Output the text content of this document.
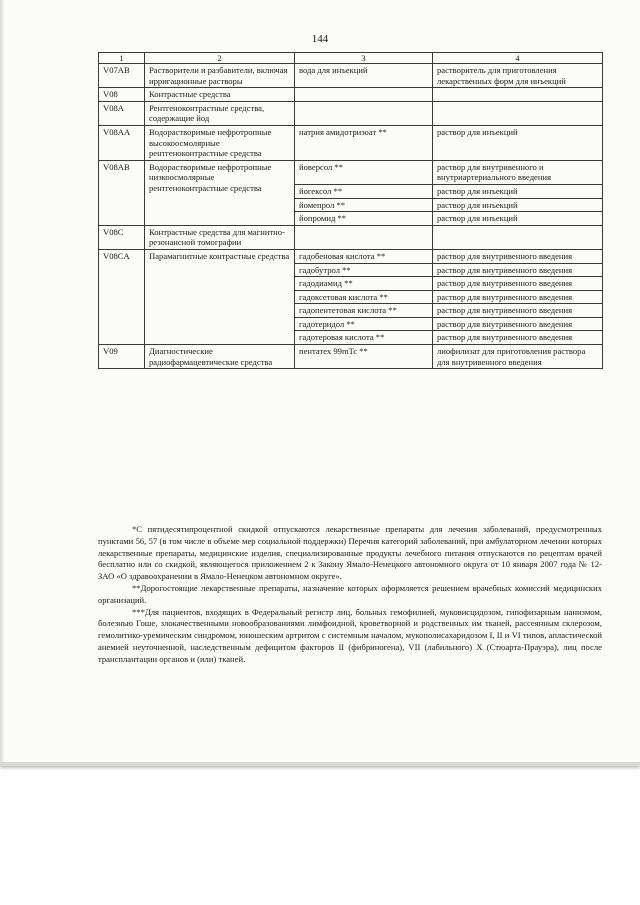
144
1	2	3	4
V07AB	Растворители и разбавители, включая ирригационные растворы	вода для инъекций	растворитель для приготовления лекарственных форм для инъекций
V08	Контрастные средства		
V08A	Рентгеноконтрастные средства, содержащие йод		
V08AA	Водорастворимые нефротропные высокоосмолярные рентгеноконтрастные средства	натрия амидотризоат **	раствор для инъекций
V08AB	Водорастворимые нефротропные низкоосмолярные рентгеноконтрастные средства	йоверсол **	раствор для внутривенного и внутриартериального введения
		йогексол **	раствор для инъекций
		йомепрол **	раствор для инъекций
		йопромид **	раствор для инъекций
V08C	Контрастные средства для магнитно-резонансной томографии		
V08CA	Парамагнитные контрастные средства	гадобеновая кислота **	раствор для внутривенного введения
		гадобутрол **	раствор для внутривенного введения
		гадодиамид **	раствор для внутривенного введения
		гадоксетовая кислота **	раствор для внутривенного введения
		гадопентетовая кислота **	раствор для внутривенного введения
		гадотеридол **	раствор для внутривенного введения
		гадотеровая кислота **	раствор для внутривенного введения
V09	Диагностические радиофармацевтические средства	пентатех 99mTc **	лиофилизат для приготовления раствора для внутривенного введения

*С пятидесятипроцентной скидкой отпускаются лекарственные препараты для лечения заболеваний, предусмотренных пунктами 56, 57 (в том числе в объеме мер социальной поддержки) Перечня категорий заболеваний, при амбулаторном лечении которых лекарственные препараты, медицинские изделия, специализированные продукты лечебного питания отпускаются по рецептам врачей бесплатно или со скидкой, являющегося приложением 2 к Закону Ямало-Ненецкого автономного округа от 10 января 2007 года № 12-ЗАО «О здравоохранении в Ямало-Ненецком автономном округе».

**Дорогостоящие лекарственные препараты, назначение которых оформляется решением врачебных комиссий медицинских организаций.

***Для пациентов, входящих в Федеральный регистр лиц, больных гемофилией, муковисцидозом, гипофизарным нанизмом, болезнью Гоше, злокачественными новообразованиями лимфоидной, кроветворной и родственных им тканей, рассеянным склерозом, гемолитико-уремическим синдромом, юношеским артритом с системным началом, мукополисахаридозом I, II и VI типов, апластической анемией неуточненной, наследственным дефицитом факторов II (фибриногена), VII (лабильного) X (Стюарта-Прауэра), лиц после трансплантации органов и (или) тканей.
